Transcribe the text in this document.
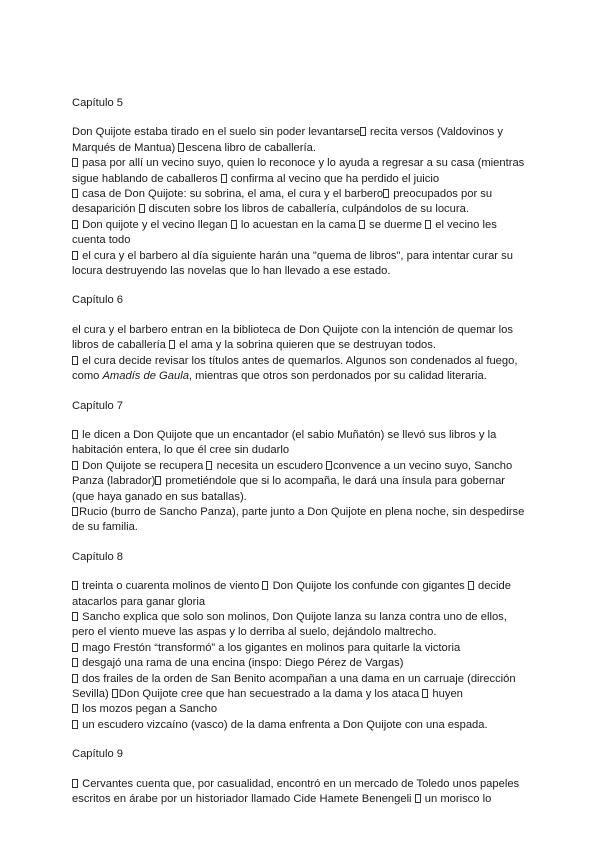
Capítulo 5

Don Quijote estaba tirado en el suelo sin poder levantarse recita versos (Valdovinos y Marqués de Mantua) escena libro de caballería.

pasa por allí un vecino suyo, quien lo reconoce y lo ayuda a regresar a su casa (mientras sigue hablando de caballeros  confirma al vecino que ha perdido el juicio

casa de Don Quijote: su sobrina, el ama, el cura y el barbero preocupados por su desaparición  discuten sobre los libros de caballería, culpándolos de su locura.

Don quijote y el vecino llegan  lo acuestan en la cama  se duerme  el vecino les cuenta todo

el cura y el barbero al día siguiente harán una "quema de libros", para intentar curar su locura destruyendo las novelas que lo han llevado a ese estado.

Capítulo 6

el cura y el barbero entran en la biblioteca de Don Quijote con la intención de quemar los libros de caballería  el ama y la sobrina quieren que se destruyan todos.

el cura decide revisar los títulos antes de quemarlos. Algunos son condenados al fuego, como Amadís de Gaula, mientras que otros son perdonados por su calidad literaria.

Capítulo 7

le dicen a Don Quijote que un encantador (el sabio Muñatón) se llevó sus libros y la habitación entera, lo que él cree sin dudarlo

Don Quijote se recupera  necesita un escudero convence a un vecino suyo, Sancho Panza (labrador) prometiéndole que si lo acompaña, le dará una ínsula para gobernar (que haya ganado en sus batallas).

Rucio (burro de Sancho Panza), parte junto a Don Quijote en plena noche, sin despedirse de su familia.

Capítulo 8

treinta o cuarenta molinos de viento  Don Quijote los confunde con gigantes  decide atacarlos para ganar gloria

Sancho explica que solo son molinos, Don Quijote lanza su lanza contra uno de ellos, pero el viento mueve las aspas y lo derriba al suelo, dejándolo maltrecho.

mago Frestón “transformó” a los gigantes en molinos para quitarle la victoria

desgajó una rama de una encina (inspo: Diego Pérez de Vargas)

dos frailes de la orden de San Benito acompañan a una dama en un carruaje (dirección Sevilla) Don Quijote cree que han secuestrado a la dama y los ataca  huyen

los mozos pegan a Sancho

un escudero vizcaíno (vasco) de la dama enfrenta a Don Quijote con una espada.

Capítulo 9

Cervantes cuenta que, por casualidad, encontró en un mercado de Toledo unos papeles escritos en árabe por un historiador llamado Cide Hamete Benengeli  un morisco lo
